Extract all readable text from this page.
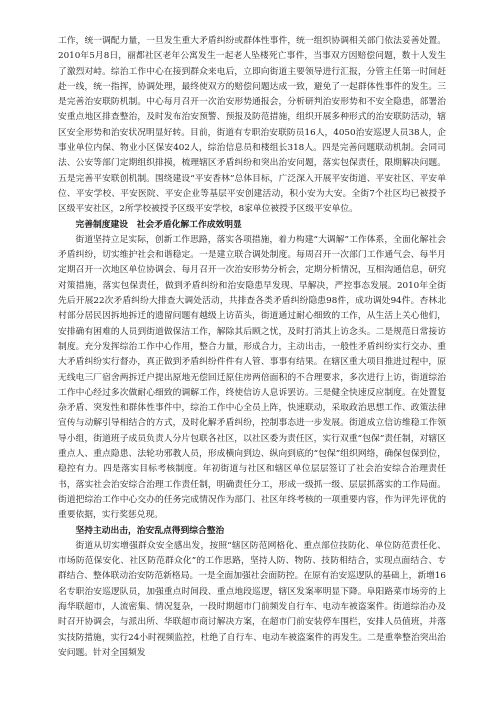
工作，统一调配力量，一旦发生重大矛盾纠纷或群体性事件，统一组织协调相关部门依法妥善处置。2010年5月8日，丽都社区老年公寓发生一起老人坠楼死亡事件，当事双方因赔偿问题，数十人发生了激烈对峙。综治工作中心在接到群众来电后，立即向街道主要领导进行汇报，分管主任第一时间赶赴一线，统一指挥，协调处理，最终使双方的赔偿问题达成一致，避免了一起群体性事件的发生。三是完善治安联防机制。中心每月召开一次治安形势通报会，分析研判治安形势和不安全隐患，部署治安重点地区排查整治，及时发布治安预警、预报及防范措施，组织开展多种形式的治安联防活动，辖区安全形势和治安状况明显好转。目前，街道有专职治安联防员16人，4050治安巡逻人员38人，企事业单位内保、物业小区保安402人，综治信息员和楼组长318人。四是完善问题联动机制。会同司法、公安等部门定期组织排摸，梳理辖区矛盾纠纷和突出治安问题，落实包保责任，限期解决问题。五是完善平安联创机制。围绕建设“平安香林”总体目标，广泛深入开展平安街道、平安社区、平安单位、平安学校、平安医院、平安企业等基层平安创建活动，积小安为大安。全街7个社区均已被授予区级平安社区，2所学校被授予区级平安学校，8家单位被授予区级平安单位。

完善制度建设　社会矛盾化解工作成效明显

街道坚持立足实际，创新工作思路，落实各项措施，着力构建“大调解”工作体系，全面化解社会矛盾纠纷，切实维护社会和谐稳定。一是建立联合调处制度。每周召开一次部门工作通气会、每半月定期召开一次地区单位协调会、每月召开一次治安形势分析会，定期分析情况，互相沟通信息，研究对策措施，落实包保责任，做到矛盾纠纷和治安隐患早发现、早解决，严控事态发展。2010年全街先后开展22次矛盾纠纷大排查大调处活动，共排查各类矛盾纠纷隐患98件，成功调处94件。杏林北村部分居民因拆地拆迁的遗留问题有越级上访苗头，街道通过耐心细致的工作，从生活上关心他们，安排确有困难的人员到街道做保洁工作，解除其后顾之忧，及时打消其上访念头。二是规范日常接访制度。充分发挥综治工作中心作用，整合力量，形成合力，主动出击，一般性矛盾纠纷实行交办、重大矛盾纠纷实行督办，真正做到矛盾纠纷件件有人管、事事有结果。在辖区重大项目推进过程中，原无线电三厂宿舍两拆迁户提出原地无偿回迁原住房两倍面积的不合理要求，多次进行上访，街道综治工作中心经过多次做耐心细致的调解工作，终使信访人息诉罢访。三是健全快速反应制度。在处置复杂矛盾、突发性和群体性事件中，综治工作中心全员上阵，快速联动，采取政治思想工作、政策法律宣传与动解引导相结合的方式，及时化解矛盾纠纷，控制事态进一步发展。街道成立信访维稳工作领导小组，街道班子成员负责人分片包联各社区，以社区委为责任区，实行双重“包保”责任制，对辖区重点人、重点隐患、法轮功邪教人员，形成横向到边、纵向到底的“包保”组织网络，确保包保到位，稳控有力。四是落实目标考核制度。年初街道与社区和辖区单位层层签订了社会治安综合治理责任书，落实社会治安综合治理工作责任制，明确责任分工，形成一级抓一级、层层抓落实的工作局面。街道把综治工作中心交办的任务完成情况作为部门、社区年终考核的一项重要内容，作为评先评优的重要依据，实行奖惩兑现。

坚持主动出击，治安乱点得到综合整治

街道从切实增强群众安全感出发，按照“辖区防范网格化、重点部位技防化、单位防范责任化、市场防范保安化、社区防范群众化”的工作思路，坚持人防、物防、技防相结合，实现点面结合、专群结合、整体联动治安防范新格局。一是全面加强社会面防控。在原有治安巡逻队的基础上，新增16名专职治安巡逻队员，加强重点时间段、重点地段巡逻，辖区发案率明显下降。阜阳路菜市场旁的上海华联超市，人流密集、情况复杂，一段时期超市门前频发自行车、电动车被盗案件。街道综治办及时召开协调会，与派出所、华联超市商讨解决方案，在超市门前安装停车围栏，安排人员值班，并落实技防措施，实行24小时视频监控，杜绝了自行车、电动车被盗案件的再发生。二是重拳整治突出治安问题。针对全国频发
